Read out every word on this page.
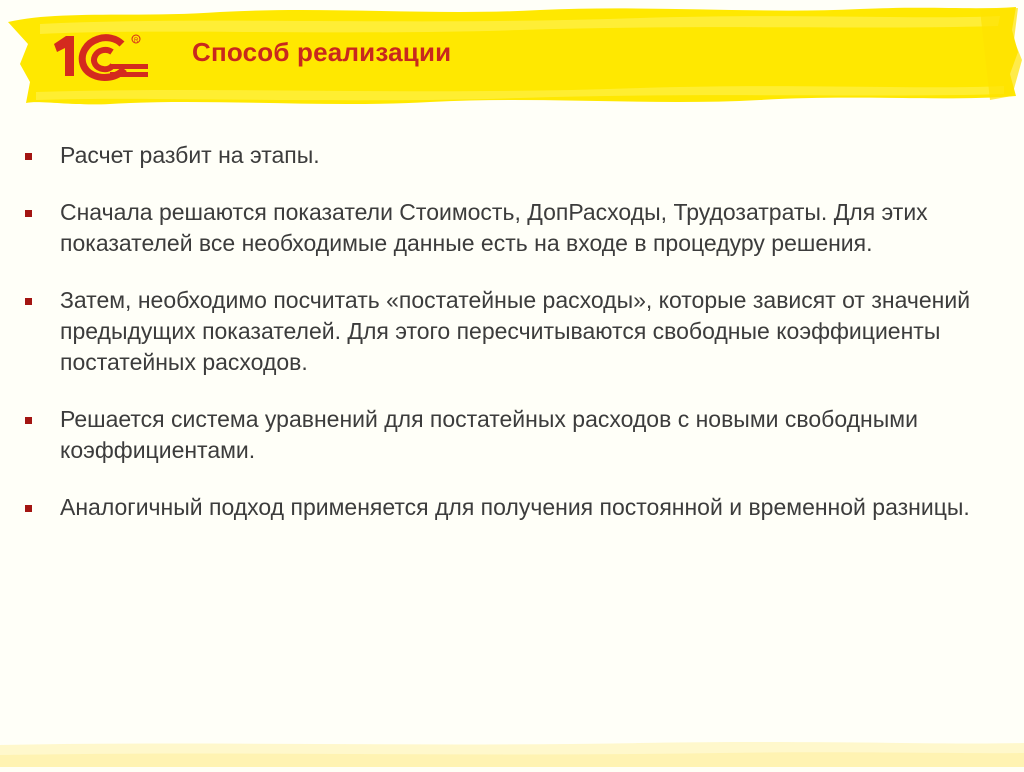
R Способ реализации
Расчет разбит на этапы.
Сначала решаются показатели Стоимость, ДопРасходы, Трудозатраты. Для этих показателей все необходимые данные есть на входе в процедуру решения.
Затем, необходимо посчитать «постатейные расходы», которые зависят от значений предыдущих показателей. Для этого пересчитываются свободные коэффициенты постатейных расходов.
Решается система уравнений для постатейных расходов с новыми свободными коэффициентами.
Аналогичный подход применяется для получения постоянной и временной разницы.
